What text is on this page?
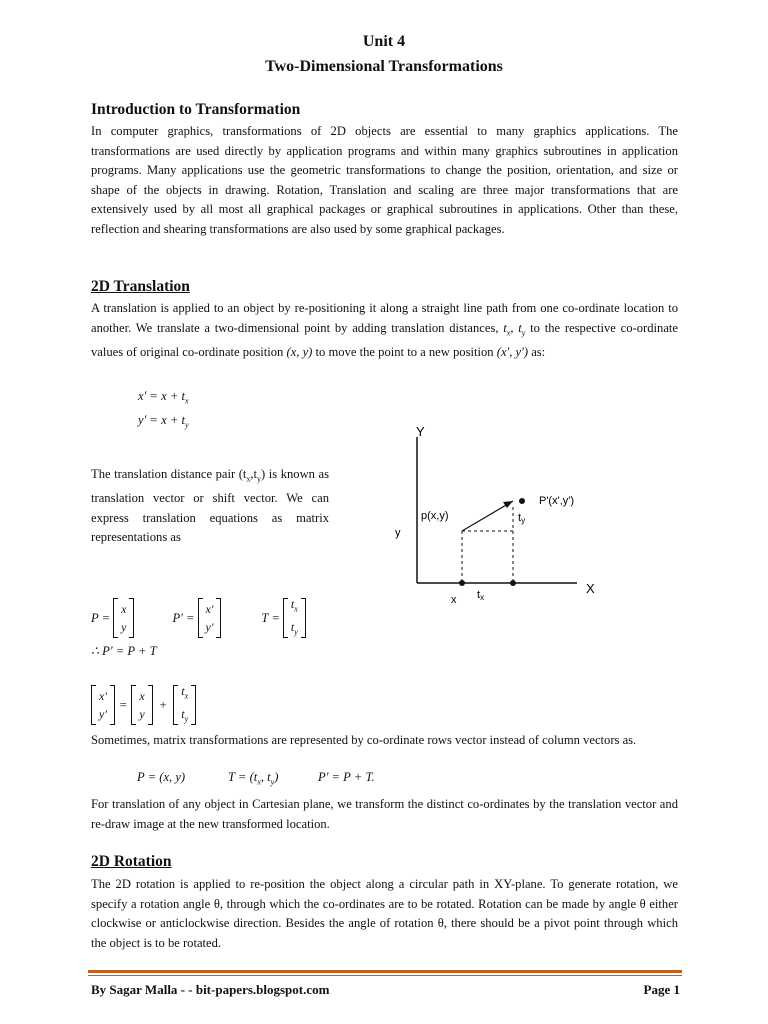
Unit 4
Two-Dimensional Transformations
Introduction to Transformation
In computer graphics, transformations of 2D objects are essential to many graphics applications. The transformations are used directly by application programs and within many graphics subroutines in application programs. Many applications use the geometric transformations to change the position, orientation, and size or shape of the objects in drawing. Rotation, Translation and scaling are three major transformations that are extensively used by all most all graphical packages or graphical subroutines in applications. Other than these, reflection and shearing transformations are also used by some graphical packages.
2D Translation
A translation is applied to an object by re-positioning it along a straight line path from one co-ordinate location to another. We translate a two-dimensional point by adding translation distances, $t_x$, $t_y$ to the respective co-ordinate values of original co-ordinate position (x, y) to move the point to a new position (x', y') as:
$x' = x + t_x$
$y' = x + t_y$
The translation distance pair $(t_x,t_y)$ is known as translation vector or shift vector. We can express translation equations as matrix representations as
Y
X
p(x,y)
P'(x',y')
y
x tx
ty
P =
x
y
P' =
x'
y'
T =
$t_x$
$t_y$
∴ P' = P + T
x'
y'
=
x
y
+
$t_x$
$t_y$
Sometimes, matrix transformations are represented by co-ordinate rows vector instead of column vectors as.
P = (x, y)	$T = (t_x$, $t_y$)	P' = P + T.
For translation of any object in Cartesian plane, we transform the distinct co-ordinates by the translation vector and re-draw image at the new transformed location.
2D Rotation
The 2D rotation is applied to re-position the object along a circular path in XY-plane. To generate rotation, we specify a rotation angle θ, through which the co-ordinates are to be rotated. Rotation can be made by angle θ either clockwise or anticlockwise direction. Besides the angle of rotation θ, there should be a pivot point through which the object is to be rotated.
By Sagar Malla - - bit-papers.blogspot.com	Page 1
